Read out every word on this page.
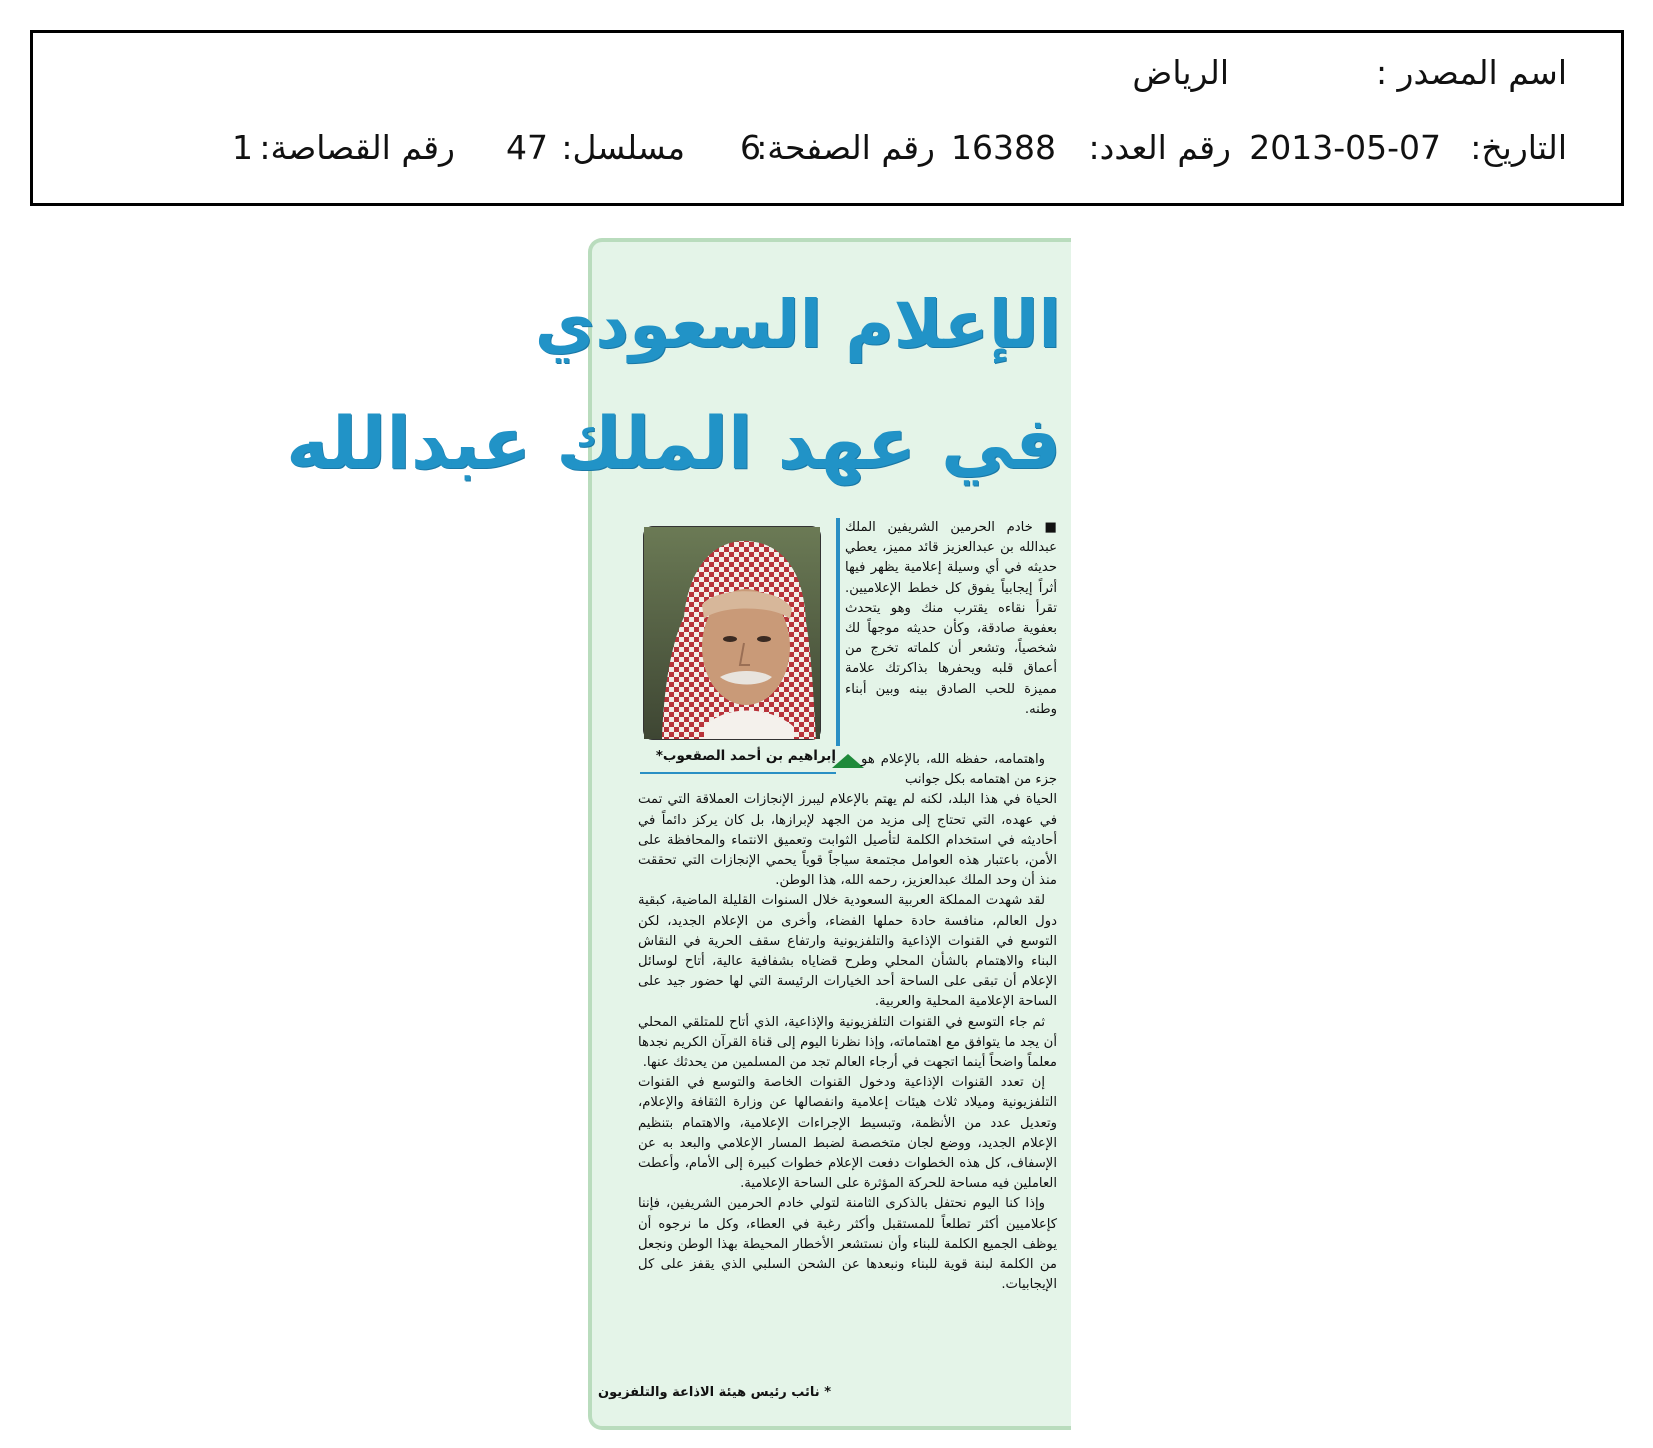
اسم المصدر :
الرياض
التاريخ:
2013-05-07
رقم العدد:
16388
رقم الصفحة:
6
مسلسل:
47
رقم القصاصة:
1
الإعلام السعودي
في عهد الملك عبدالله
■ خادم الحرمين الشريفين الملك عبدالله بن عبدالعزيز قائد مميز، يعطي حديثه في أي وسيلة إعلامية يظهر فيها أثراً إيجابياً يفوق كل خطط الإعلاميين. تقرأ نقاءه يقترب منك وهو يتحدث بعفوية صادقة، وكأن حديثه موجهاً لك شخصياً، وتشعر أن كلماته تخرج من أعماق قلبه ويحفرها بذاكرتك علامة مميزة للحب الصادق بينه وبين أبناء وطنه.
إبراهيم بن أحمد الصقعوب* واهتمامه، حفظه الله، بالإعلام هو جزء من اهتمامه بكل جوانب
الحياة في هذا البلد، لكنه لم يهتم بالإعلام ليبرز الإنجازات العملاقة التي تمت في عهده، التي تحتاج إلى مزيد من الجهد لإبرازها، بل كان يركز دائماً في أحاديثه في استخدام الكلمة لتأصيل الثوابت وتعميق الانتماء والمحافظة على الأمن، باعتبار هذه العوامل مجتمعة سياجاً قوياً يحمي الإنجازات التي تحققت منذ أن وحد الملك عبدالعزيز، رحمه الله، هذا الوطن.

لقد شهدت المملكة العربية السعودية خلال السنوات القليلة الماضية، كبقية دول العالم، منافسة حادة حملها الفضاء، وأخرى من الإعلام الجديد، لكن التوسع في القنوات الإذاعية والتلفزيونية وارتفاع سقف الحرية في النقاش البناء والاهتمام بالشأن المحلي وطرح قضاياه بشفافية عالية، أتاح لوسائل الإعلام أن تبقى على الساحة أحد الخيارات الرئيسة التي لها حضور جيد على الساحة الإعلامية المحلية والعربية.

ثم جاء التوسع في القنوات التلفزيونية والإذاعية، الذي أتاح للمتلقي المحلي أن يجد ما يتوافق مع اهتماماته، وإذا نظرنا اليوم إلى قناة القرآن الكريم نجدها معلماً واضحاً أينما اتجهت في أرجاء العالم تجد من المسلمين من يحدثك عنها.

إن تعدد القنوات الإذاعية ودخول القنوات الخاصة والتوسع في القنوات التلفزيونية وميلاد ثلاث هيئات إعلامية وانفصالها عن وزارة الثقافة والإعلام، وتعديل عدد من الأنظمة، وتبسيط الإجراءات الإعلامية، والاهتمام بتنظيم الإعلام الجديد، ووضع لجان متخصصة لضبط المسار الإعلامي والبعد به عن الإسفاف، كل هذه الخطوات دفعت الإعلام خطوات كبيرة إلى الأمام، وأعطت العاملين فيه مساحة للحركة المؤثرة على الساحة الإعلامية.

وإذا كنا اليوم نحتفل بالذكرى الثامنة لتولي خادم الحرمين الشريفين، فإننا كإعلاميين أكثر تطلعاً للمستقبل وأكثر رغبة في العطاء، وكل ما نرجوه أن يوظف الجميع الكلمة للبناء وأن نستشعر الأخطار المحيطة بهذا الوطن ونجعل من الكلمة لبنة قوية للبناء ونبعدها عن الشحن السلبي الذي يقفز على كل الإيجابيات.

* نائب رئيس هيئة الاذاعة والتلفزيون
